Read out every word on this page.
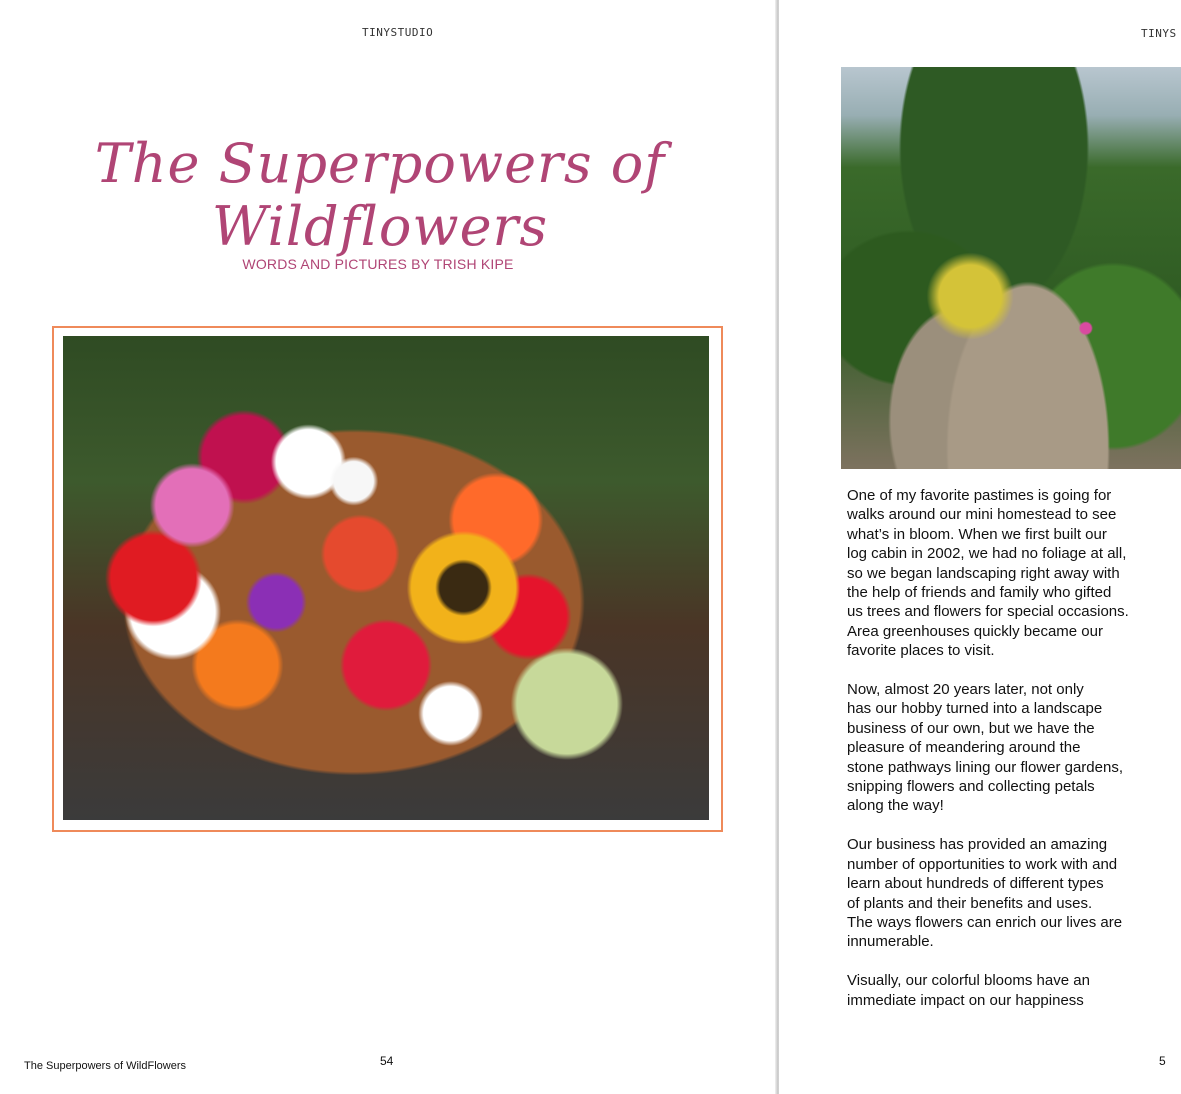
TINYSTUDIO
The Superpowers of Wildflowers
WORDS AND PICTURES BY TRISH KIPE
The Superpowers of WildFlowers	54
TINYS

One of my favorite pastimes is going for
walks around our mini homestead to see
what’s in bloom. When we first built our
log cabin in 2002, we had no foliage at all,
so we began landscaping right away with
the help of friends and family who gifted
us trees and flowers for special occasions.
Area greenhouses quickly became our
favorite places to visit.

Now, almost 20 years later, not only
has our hobby turned into a landscape
business of our own, but we have the
pleasure of meandering around the
stone pathways lining our flower gardens,
snipping flowers and collecting petals
along the way!

Our business has provided an amazing
number of opportunities to work with and
learn about hundreds of different types
of plants and their benefits and uses.
The ways flowers can enrich our lives are
innumerable.

Visually, our colorful blooms have an
immediate impact on our happiness

5
